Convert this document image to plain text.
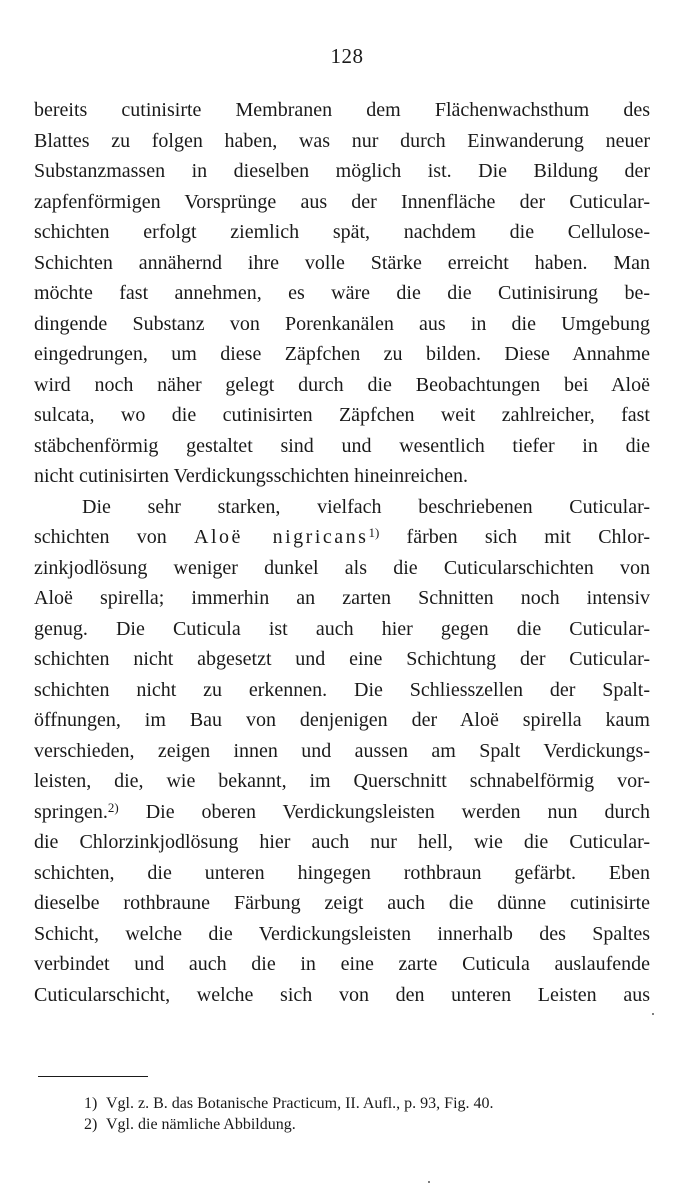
128
bereits cutinisirte Membranen dem Flächenwachsthum des
Blattes zu folgen haben, was nur durch Einwanderung neuer
Substanzmassen in dieselben möglich ist. Die Bildung der
zapfenförmigen Vorsprünge aus der Innenfläche der Cuticular-
schichten erfolgt ziemlich spät, nachdem die Cellulose-
Schichten annähernd ihre volle Stärke erreicht haben. Man
möchte fast annehmen, es wäre die die Cutinisirung be-
dingende Substanz von Porenkanälen aus in die Umgebung
eingedrungen, um diese Zäpfchen zu bilden. Diese Annahme
wird noch näher gelegt durch die Beobachtungen bei Aloë
sulcata, wo die cutinisirten Zäpfchen weit zahlreicher, fast
stäbchenförmig gestaltet sind und wesentlich tiefer in die
nicht cutinisirten Verdickungsschichten hineinreichen.
Die sehr starken, vielfach beschriebenen Cuticular-
schichten von Aloë nigricans$^{1)}$ färben sich mit Chlor-
zinkjodlösung weniger dunkel als die Cuticularschichten von
Aloë spirella; immerhin an zarten Schnitten noch intensiv
genug. Die Cuticula ist auch hier gegen die Cuticular-
schichten nicht abgesetzt und eine Schichtung der Cuticular-
schichten nicht zu erkennen. Die Schliesszellen der Spalt-
öffnungen, im Bau von denjenigen der Aloë spirella kaum
verschieden, zeigen innen und aussen am Spalt Verdickungs-
leisten, die, wie bekannt, im Querschnitt schnabelförmig vor-
springen.$^{2)}$ Die oberen Verdickungsleisten werden nun durch
die Chlorzinkjodlösung hier auch nur hell, wie die Cuticular-
schichten, die unteren hingegen rothbraun gefärbt. Eben
dieselbe rothbraune Färbung zeigt auch die dünne cutinisirte
Schicht, welche die Verdickungsleisten innerhalb des Spaltes
verbindet und auch die in eine zarte Cuticula auslaufende
Cuticularschicht, welche sich von den unteren Leisten aus
1) Vgl. z. B. das Botanische Practicum, II. Aufl., p. 93, Fig. 40.
2) Vgl. die nämliche Abbildung.
